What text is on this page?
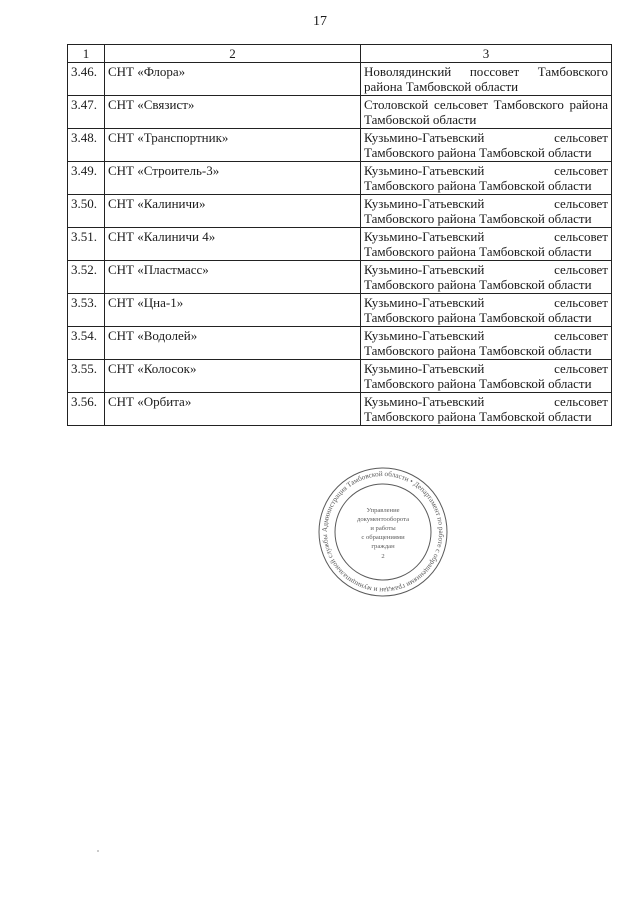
17
1	2	3
3.46.	СНТ «Флора»	Новолядинский поссовет Тамбовского
района Тамбовской области

3.47.	СНТ «Связист»	Столовской сельсовет Тамбовского района
Тамбовской области

3.48.	СНТ «Транспортник»	Кузьмино-Гатьевский сельсовет
Тамбовского района Тамбовской области

3.49.	СНТ «Строитель-3»	Кузьмино-Гатьевский сельсовет
Тамбовского района Тамбовской области

3.50.	СНТ «Калиничи»	Кузьмино-Гатьевский сельсовет
Тамбовского района Тамбовской области

3.51.	СНТ «Калиничи 4»	Кузьмино-Гатьевский сельсовет
Тамбовского района Тамбовской области

3.52.	СНТ «Пластмасс»	Кузьмино-Гатьевский сельсовет
Тамбовского района Тамбовской области

3.53.	СНТ «Цна-1»	Кузьмино-Гатьевский сельсовет
Тамбовского района Тамбовской области

3.54.	СНТ «Водолей»	Кузьмино-Гатьевский сельсовет
Тамбовского района Тамбовской области

3.55.	СНТ «Колосок»	Кузьмино-Гатьевский сельсовет
Тамбовского района Тамбовской области

3.56.	СНТ «Орбита»	Кузьмино-Гатьевский сельсовет
Тамбовского района Тамбовской области
Администрация Тамбовской области • Департамент по работе с обращениями граждан и муниципальной службы
Управление
документооборота
и работы
с обращениями
граждан
2
